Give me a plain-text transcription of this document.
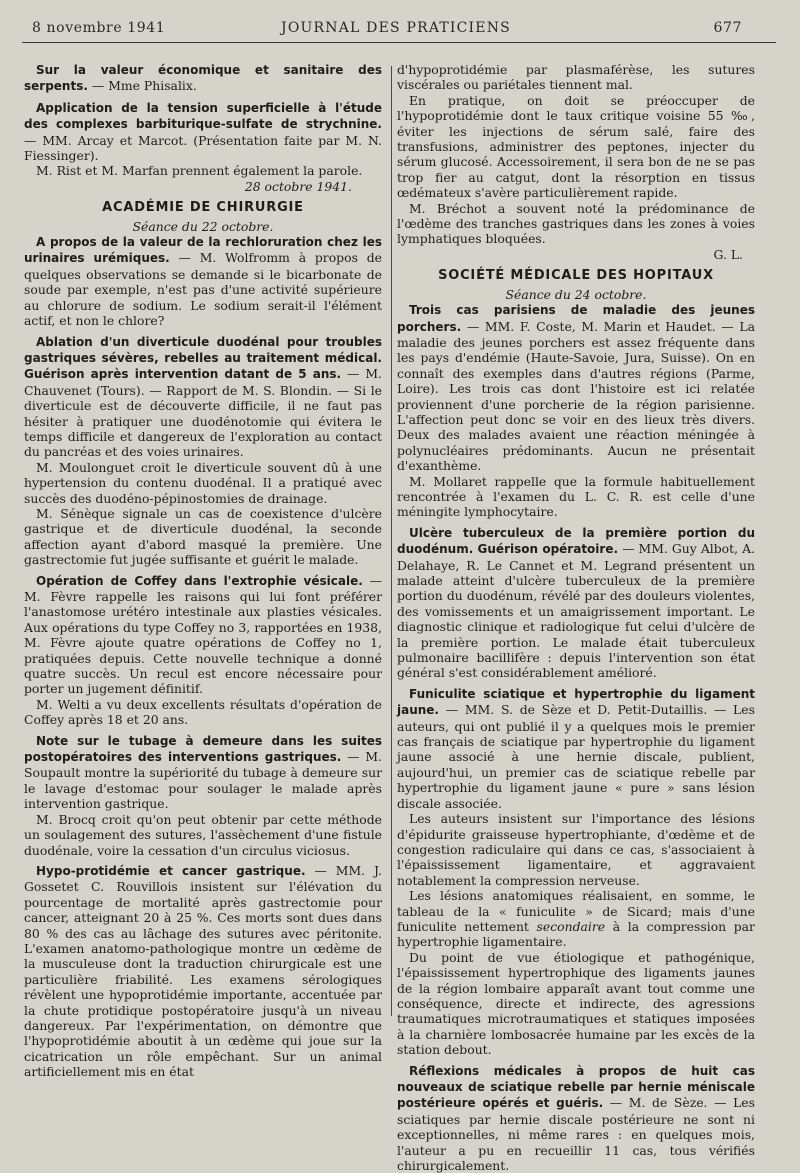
8 novembre 1941	JOURNAL DES PRATICIENS	677

Sur la valeur économique et sanitaire des serpents. — Mme Phisalix.

Application de la tension superficielle à l'étude des complexes barbiturique-sulfate de strychnine. — MM. Arcay et Marcot. (Présentation faite par M. N. Fiessinger).

M. Rist et M. Marfan prennent également la parole.

28 octobre 1941.

ACADÉMIE DE CHIRURGIE

Séance du 22 octobre.

A propos de la valeur de la rechloruration chez les urinaires urémiques. — M. Wolfromm à propos de quelques observations se demande si le bicarbonate de soude par exemple, n'est pas d'une activité supérieure au chlorure de sodium. Le sodium serait-il l'élément actif, et non le chlore?

Ablation d'un diverticule duodénal pour troubles gastriques sévères, rebelles au traitement médical. Guérison après intervention datant de 5 ans. — M. Chauvenet (Tours). — Rapport de M. S. Blondin. — Si le diverticule est de découverte difficile, il ne faut pas hésiter à pratiquer une duodénotomie qui évitera le temps difficile et dangereux de l'exploration au contact du pancréas et des voies urinaires.

M. Moulonguet croit le diverticule souvent dû à une hypertension du contenu duodénal. Il a pratiqué avec succès des duodéno-pépinostomies de drainage.

M. Sénèque signale un cas de coexistence d'ulcère gastrique et de diverticule duodénal, la seconde affection ayant d'abord masqué la première. Une gastrectomie fut jugée suffisante et guérit le malade.

Opération de Coffey dans l'extrophie vésicale. — M. Fèvre rappelle les raisons qui lui font préférer l'anastomose urétéro intestinale aux plasties vésicales. Aux opérations du type Coffey no 3, rapportées en 1938, M. Fèvre ajoute quatre opérations de Coffey no 1, pratiquées depuis. Cette nouvelle technique a donné quatre succès. Un recul est encore nécessaire pour porter un jugement définitif.

M. Welti a vu deux excellents résultats d'opération de Coffey après 18 et 20 ans.

Note sur le tubage à demeure dans les suites postopératoires des interventions gastriques. — M. Soupault montre la supériorité du tubage à demeure sur le lavage d'estomac pour soulager le malade après intervention gastrique.

M. Brocq croit qu'on peut obtenir par cette méthode un soulagement des sutures, l'assèchement d'une fistule duodénale, voire la cessation d'un circulus viciosus.

Hypo-protidémie et cancer gastrique. — MM. J. Gossetet C. Rouvillois insistent sur l'élévation du pourcentage de mortalité après gastrectomie pour cancer, atteignant 20 à 25 %. Ces morts sont dues dans 80 % des cas au lâchage des sutures avec péritonite. L'examen anatomo-pathologique montre un œdème de la musculeuse dont la traduction chirurgicale est une particulière friabilité. Les examens sérologiques révèlent une hypoprotidémie importante, accentuée par la chute protidique postopératoire jusqu'à un niveau dangereux. Par l'expérimentation, on démontre que l'hypoprotidémie aboutit à un œdème qui joue sur la cicatrication un rôle empêchant. Sur un animal artificiellement mis en état

d'hypoprotidémie par plasmaférèse, les sutures viscérales ou pariétales tiennent mal.

En pratique, on doit se préoccuper de l'hypoprotidémie dont le taux critique voisine 55 ‰, éviter les injections de sérum salé, faire des transfusions, administrer des peptones, injecter du sérum glucosé. Accessoirement, il sera bon de ne se pas trop fier au catgut, dont la résorption en tissus œdémateux s'avère particulièrement rapide.

M. Bréchot a souvent noté la prédominance de l'œdème des tranches gastriques dans les zones à voies lymphatiques bloquées.

G. L.

SOCIÉTÉ MÉDICALE DES HOPITAUX

Séance du 24 octobre.

Trois cas parisiens de maladie des jeunes porchers. — MM. F. Coste, M. Marin et Haudet. — La maladie des jeunes porchers est assez fréquente dans les pays d'endémie (Haute-Savoie, Jura, Suisse). On en connaît des exemples dans d'autres régions (Parme, Loire). Les trois cas dont l'histoire est ici relatée proviennent d'une porcherie de la région parisienne. L'affection peut donc se voir en des lieux très divers. Deux des malades avaient une réaction méningée à polynucléaires prédominants. Aucun ne présentait d'exanthème.

M. Mollaret rappelle que la formule habituellement rencontrée à l'examen du L. C. R. est celle d'une méningite lymphocytaire.

Ulcère tuberculeux de la première portion du duodénum. Guérison opératoire. — MM. Guy Albot, A. Delahaye, R. Le Cannet et M. Legrand présentent un malade atteint d'ulcère tuberculeux de la première portion du duodénum, révélé par des douleurs violentes, des vomissements et un amaigrissement important. Le diagnostic clinique et radiologique fut celui d'ulcère de la première portion. Le malade était tuberculeux pulmonaire bacillifère : depuis l'intervention son état général s'est considérablement amélioré.

Funiculite sciatique et hypertrophie du ligament jaune. — MM. S. de Sèze et D. Petit-Dutaillis. — Les auteurs, qui ont publié il y a quelques mois le premier cas français de sciatique par hypertrophie du ligament jaune associé à une hernie discale, publient, aujourd'hui, un premier cas de sciatique rebelle par hypertrophie du ligament jaune « pure » sans lésion discale associée.

Les auteurs insistent sur l'importance des lésions d'épidurite graisseuse hypertrophiante, d'œdème et de congestion radiculaire qui dans ce cas, s'associaient à l'épaississement ligamentaire, et aggravaient notablement la compression nerveuse.

Les lésions anatomiques réalisaient, en somme, le tableau de la « funiculite » de Sicard; mais d'une funiculite nettement secondaire à la compression par hypertrophie ligamentaire.

Du point de vue étiologique et pathogénique, l'épaississement hypertrophique des ligaments jaunes de la région lombaire apparaît avant tout comme une conséquence, directe et indirecte, des agressions traumatiques microtraumatiques et statiques imposées à la charnière lombosacrée humaine par les excès de la station debout.

Réflexions médicales à propos de huit cas nouveaux de sciatique rebelle par hernie méniscale postérieure opérés et guéris. — M. de Sèze. — Les sciatiques par hernie discale postérieure ne sont ni exceptionnelles, ni même rares : en quelques mois, l'auteur a pu en recueillir 11 cas, tous vérifiés chirurgicalement.
